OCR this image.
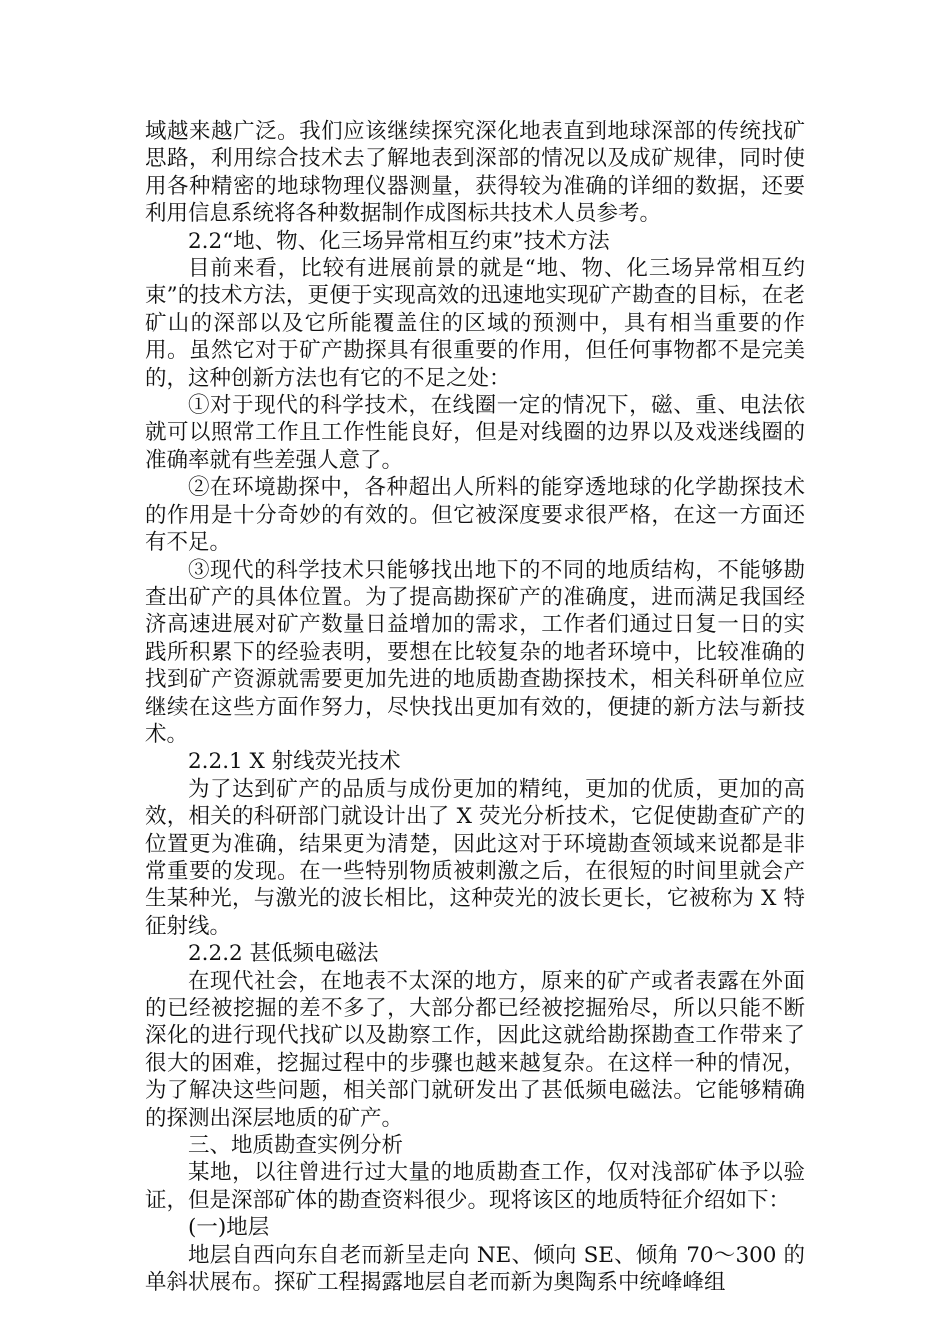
域越来越广泛。我们应该继续探究深化地表直到地球深部的传统找矿思路，利用综合技术去了解地表到深部的情况以及成矿规律，同时使用各种精密的地球物理仪器测量，获得较为准确的详细的数据，还要利用信息系统将各种数据制作成图标共技术人员参考。

2.2“地、物、化三场异常相互约束”技术方法

目前来看，比较有进展前景的就是“地、物、化三场异常相互约束”的技术方法，更便于实现高效的迅速地实现矿产勘查的目标，在老矿山的深部以及它所能覆盖住的区域的预测中，具有相当重要的作用。虽然它对于矿产勘探具有很重要的作用，但任何事物都不是完美的，这种创新方法也有它的不足之处：

①对于现代的科学技术，在线圈一定的情况下，磁、重、电法依就可以照常工作且工作性能良好，但是对线圈的边界以及戏迷线圈的准确率就有些差强人意了。

②在环境勘探中，各种超出人所料的能穿透地球的化学勘探技术的作用是十分奇妙的有效的。但它被深度要求很严格，在这一方面还有不足。

③现代的科学技术只能够找出地下的不同的地质结构，不能够勘查出矿产的具体位置。为了提高勘探矿产的准确度，进而满足我国经济高速进展对矿产数量日益增加的需求，工作者们通过日复一日的实践所积累下的经验表明，要想在比较复杂的地者环境中，比较准确的找到矿产资源就需要更加先进的地质勘查勘探技术，相关科研单位应继续在这些方面作努力，尽快找出更加有效的，便捷的新方法与新技术。

2.2.1 X 射线荧光技术

为了达到矿产的品质与成份更加的精纯，更加的优质，更加的高效，相关的科研部门就设计出了 X 荧光分析技术，它促使勘查矿产的位置更为准确，结果更为清楚，因此这对于环境勘查领域来说都是非常重要的发现。在一些特别物质被刺激之后，在很短的时间里就会产生某种光，与激光的波长相比，这种荧光的波长更长，它被称为 X 特征射线。

2.2.2 甚低频电磁法

在现代社会，在地表不太深的地方，原来的矿产或者表露在外面的已经被挖掘的差不多了，大部分都已经被挖掘殆尽，所以只能不断深化的进行现代找矿以及勘察工作，因此这就给勘探勘查工作带来了很大的困难，挖掘过程中的步骤也越来越复杂。在这样一种的情况，为了解决这些问题，相关部门就研发出了甚低频电磁法。它能够精确的探测出深层地质的矿产。

三、地质勘查实例分析

某地，以往曾进行过大量的地质勘查工作，仅对浅部矿体予以验证，但是深部矿体的勘查资料很少。现将该区的地质特征介绍如下：

(一)地层

地层自西向东自老而新呈走向 NE、倾向 SE、倾角 70～300 的单斜状展布。探矿工程揭露地层自老而新为奥陶系中统峰峰组
